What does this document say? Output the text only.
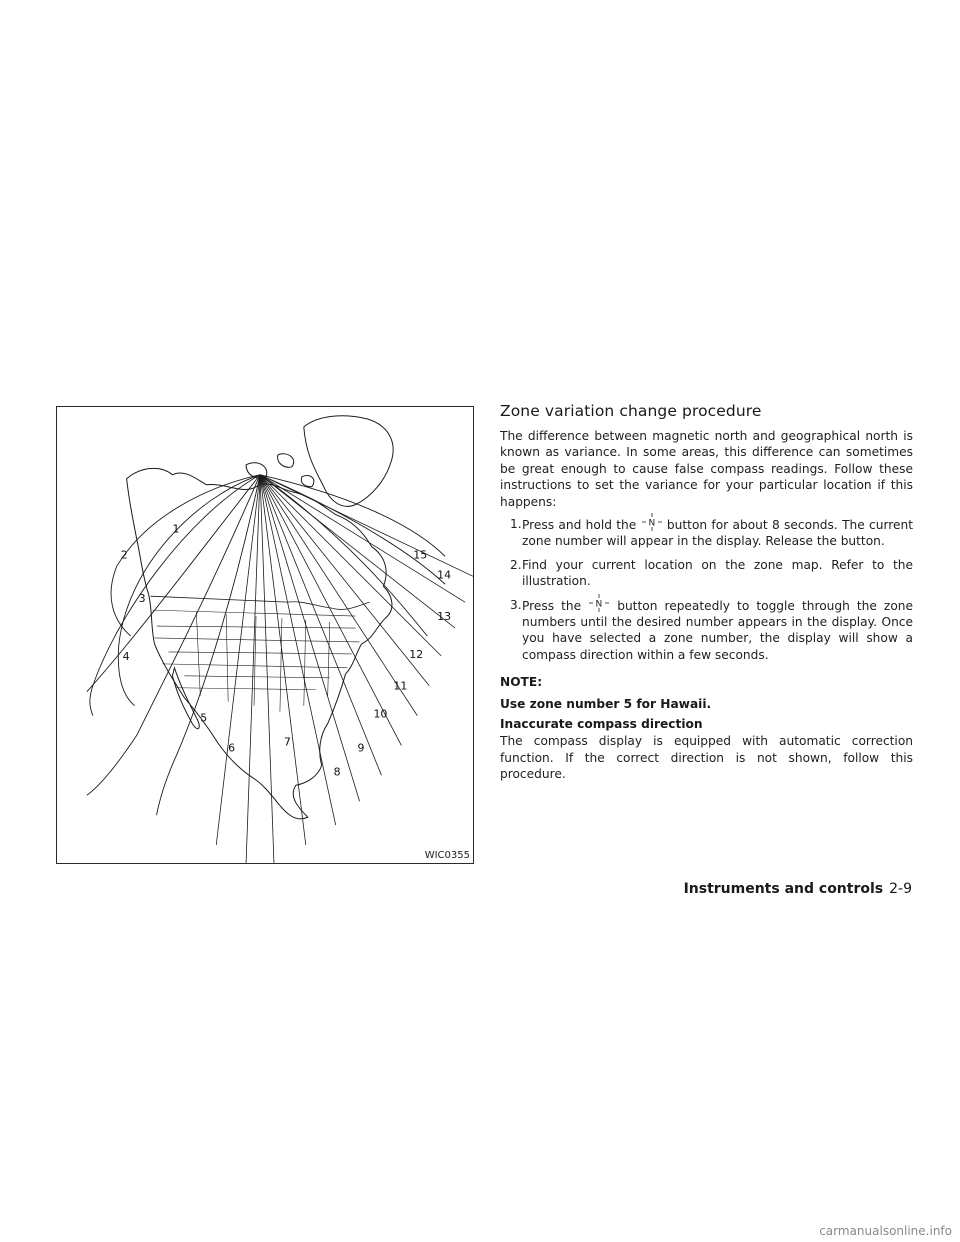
1
2
3
4
5
6	7
8
9
10
11
12
13
14
15
WIC0355
Zone variation change procedure

The difference between magnetic north and geographical north is known as variance. In some areas, this difference can sometimes be great enough to cause false compass readings. Follow these instructions to set the variance for your particular location if this happens:

1. Press and hold the N button for about 8 seconds. The current zone number will appear in the display. Release the button.
2. Find your current location on the zone map. Refer to the illustration.
3. Press the N button repeatedly to toggle through the zone numbers until the desired number appears in the display. Once you have selected a zone number, the display will show a compass direction within a few seconds.

NOTE:

Use zone number 5 for Hawaii.

Inaccurate compass direction

The compass display is equipped with automatic correction function. If the correct direction is not shown, follow this procedure.

Instruments and controls 2-9
carmanualsonline.info
